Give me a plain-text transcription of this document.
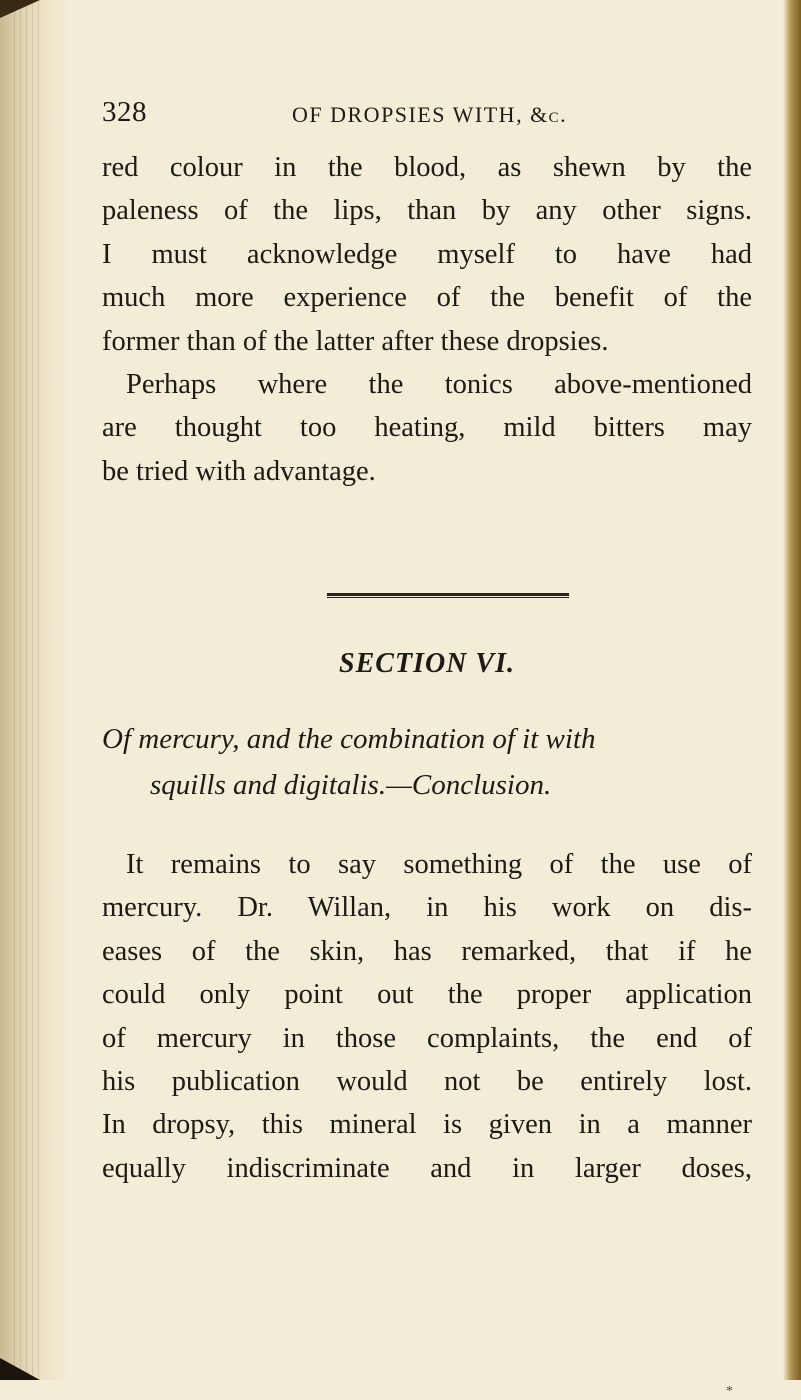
328	OF DROPSIES WITH, &c.

red colour in the blood, as shewn by the
paleness of the lips, than by any other signs.
I must acknowledge myself to have had
much more experience of the benefit of the
former than of the latter after these dropsies.
Perhaps where the tonics above-mentioned
are thought too heating, mild bitters may
be tried with advantage.

SECTION VI.
Of mercury, and the combination of it with
squills and digitalis.—Conclusion.

It remains to say something of the use of
mercury. Dr. Willan, in his work on dis-
eases of the skin, has remarked, that if he
could only point out the proper application
of mercury in those complaints, the end of
his publication would not be entirely lost.
In dropsy, this mineral is given in a manner
equally indiscriminate and in larger doses,

*
